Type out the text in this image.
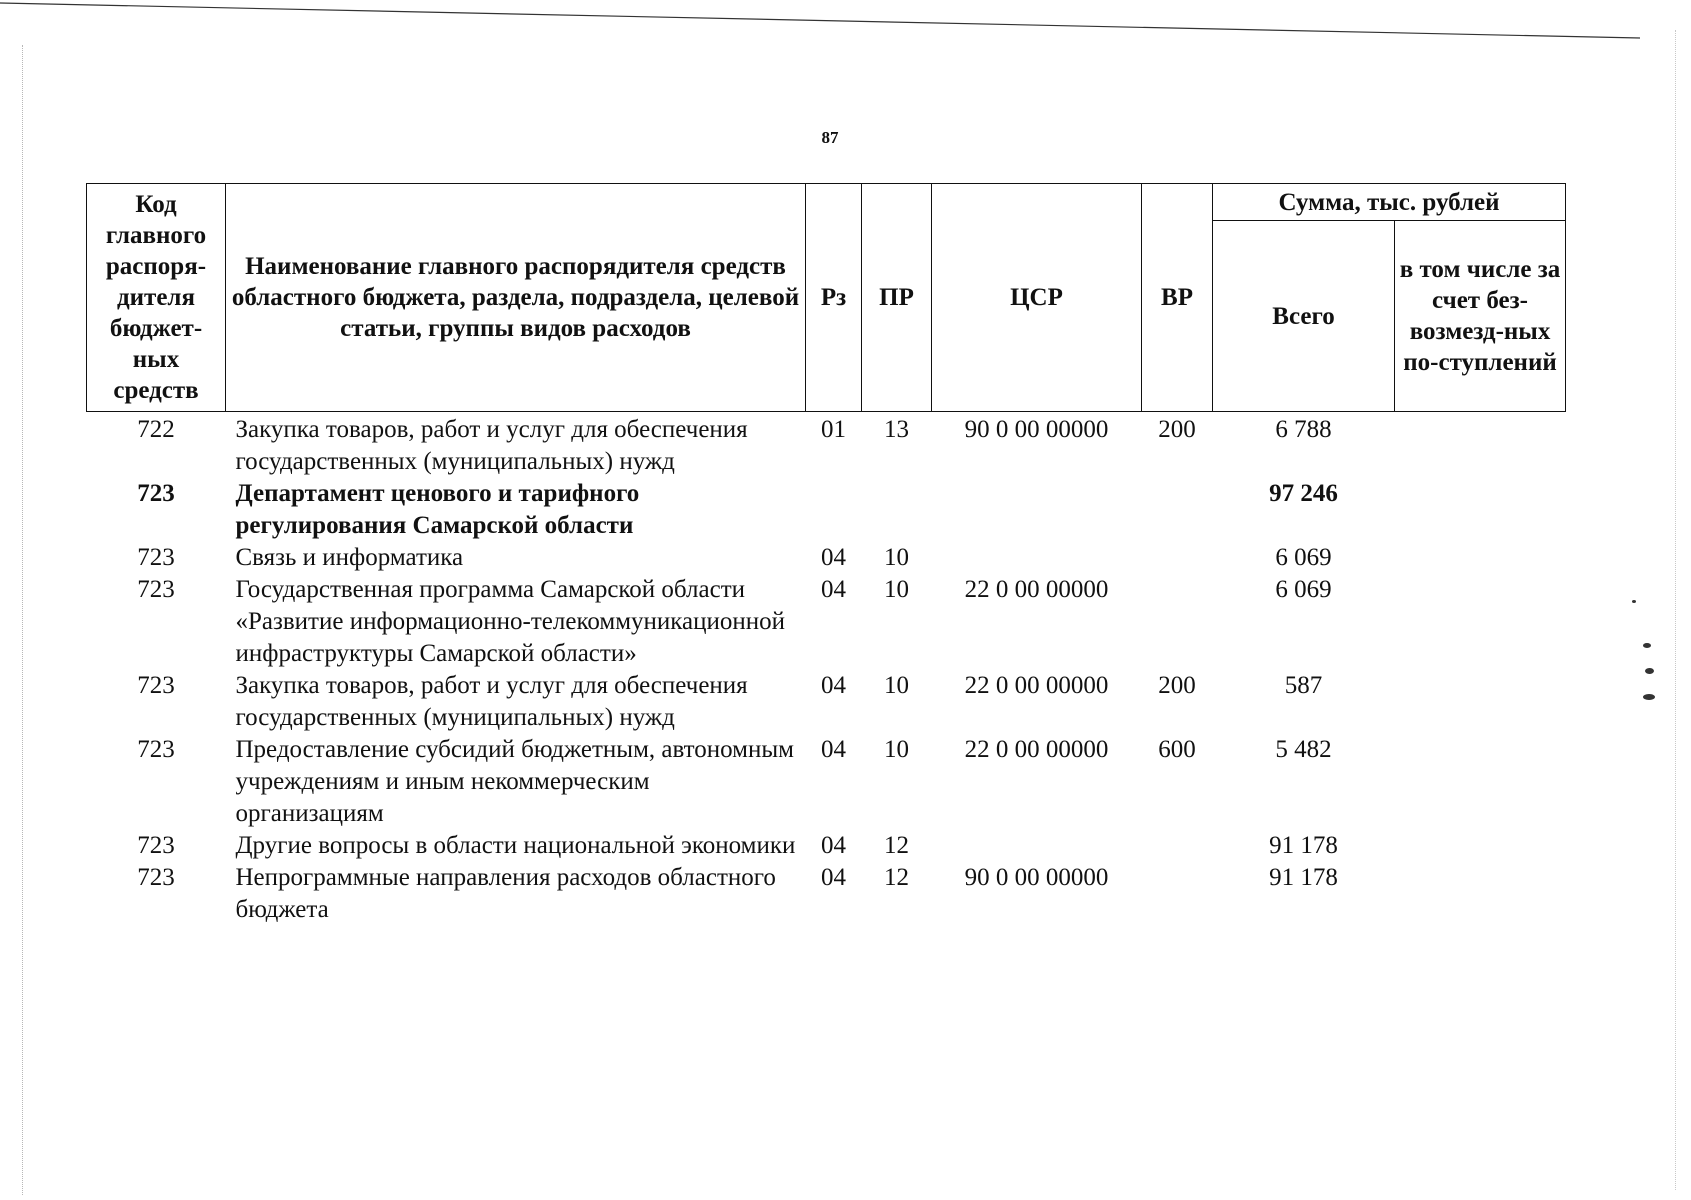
87
Код главного распоря-дителя бюджет-ных средств	Наименование главного распорядителя средств областного бюджета, раздела, подраздела, целевой статьи, группы видов расходов	Рз	ПР	ЦСР	ВР	Сумма, тыс. рублей	
						Всего	в том числе за счет без-возмезд-ных по-ступлений
722	Закупка товаров, работ и услуг для обеспечения государственных (муниципальных) нужд	01	13	90 0 00 00000	200	6 788	
723	Департамент ценового и тарифного регулирования Самарской области					97 246	
723	Связь и информатика	04	10			6 069	
723	Государственная программа Самарской области «Развитие информационно-телекоммуникационной инфраструктуры Самарской области»	04	10	22 0 00 00000		6 069	
723	Закупка товаров, работ и услуг для обеспечения государственных (муниципальных) нужд	04	10	22 0 00 00000	200	587	
723	Предоставление субсидий бюджетным, автономным учреждениям и иным некоммерческим организациям	04	10	22 0 00 00000	600	5 482	
723	Другие вопросы в области национальной экономики	04	12			91 178	
723	Непрограммные направления расходов областного бюджета	04	12	90 0 00 00000		91 178	
